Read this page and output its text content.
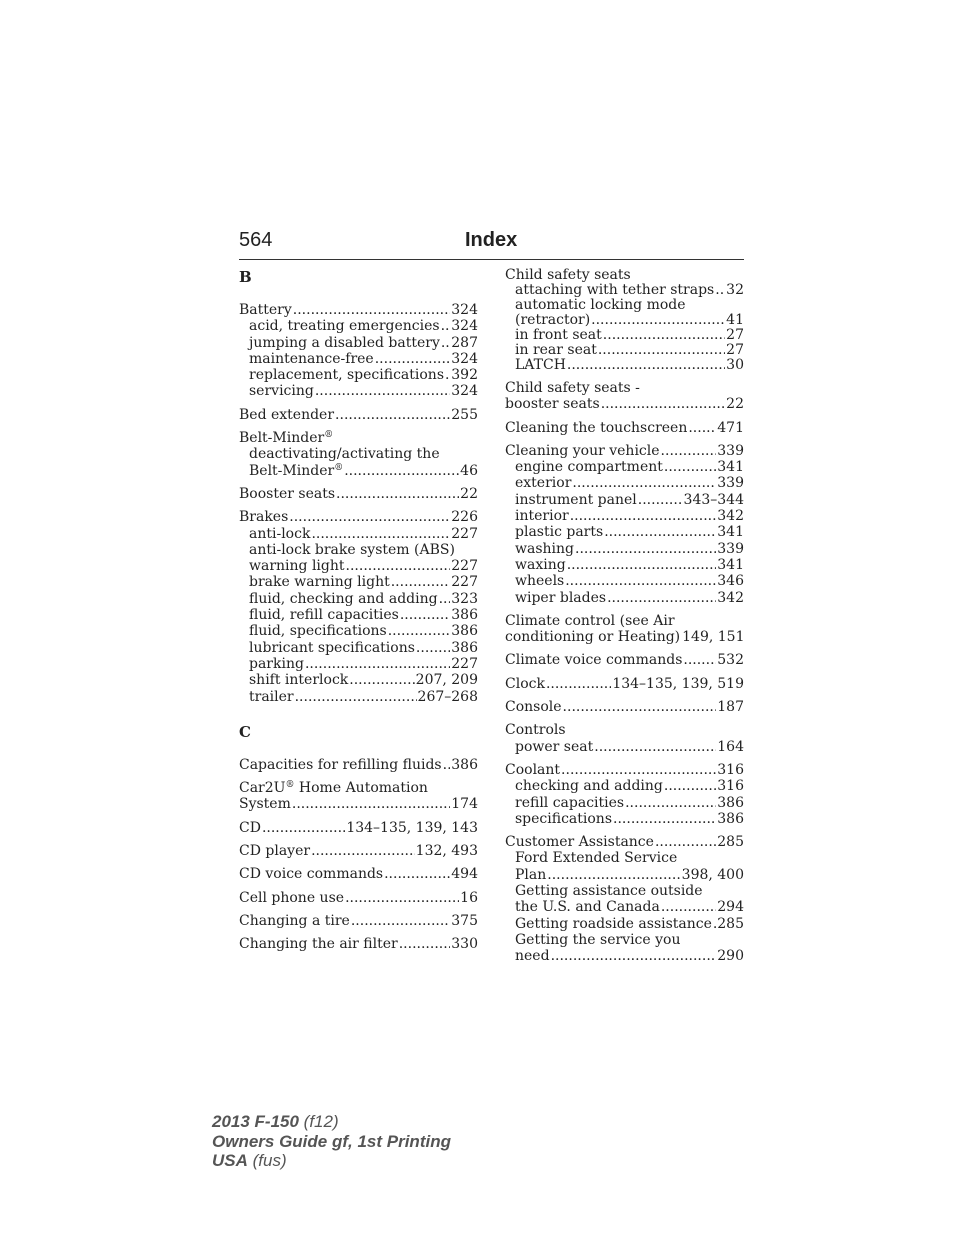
564	Index
B
Battery .....	324
acid, treating emergencies ..... 324
jumping a disabled battery ..... 287
maintenance-free .....	324
replacement, specifications ..... 392
servicing .....	324
Bed extender .....	255
Belt-Minder®
deactivating/activating the
Belt-Minder® .....	46
Booster seats .....	22
Brakes .....	226
anti-lock .....	227
anti-lock brake system (ABS)
warning light .....	227
brake warning light .....	227
fluid, checking and adding ..... 323
fluid, refill capacities .....	386
fluid, specifications .....	386
lubricant specifications .....	386
parking .....	227
shift interlock .....	207, 209
trailer .....	267–268
C
Capacities for refilling fluids ..... 386
Car2U® Home Automation
System .....	174
CD .....	134–135, 139, 143
CD player .....	132, 493
CD voice commands .....	494
Cell phone use .....	16
Changing a tire .....	375
Changing the air filter .....	330
Child safety seats
attaching with tether straps ..... 32
automatic locking mode
(retractor) .....	41
in front seat .....	27
in rear seat .....	27
LATCH .....	30
Child safety seats -
booster seats .....	22
Cleaning the touchscreen ..... 471
Cleaning your vehicle .....	339
engine compartment .....	341
exterior .....	339
instrument panel .....	343–344
interior .....	342
plastic parts .....	341
washing .....	339
waxing .....	341
wheels .....	346
wiper blades .....	342
Climate control (see Air
conditioning or Heating) 149, 151
Climate voice commands ..... 532
Clock .....	134–135, 139, 519
Console .....	187
Controls
power seat .....	164
Coolant .....	316
checking and adding .....	316
refill capacities .....	386
specifications .....	386
Customer Assistance .....	285
Ford Extended Service
Plan .....	398, 400
Getting assistance outside
the U.S. and Canada .....	294
Getting roadside assistance ..... 285
Getting the service you
need .....	290
2013 F-150 (f12)
Owners Guide gf, 1st Printing
USA (fus)
